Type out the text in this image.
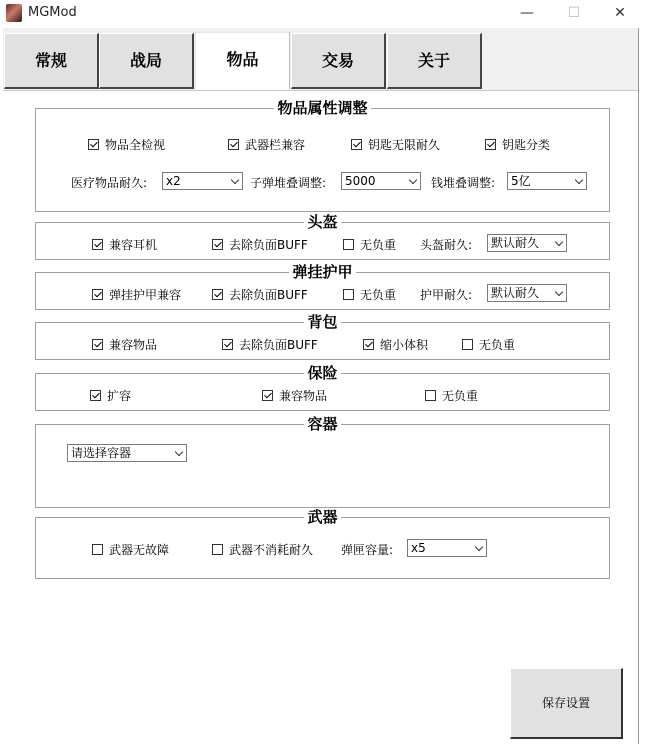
MGMod	—	☐	✕
常规	战局	物品	交易	关于
物品属性调整
物品全检视	武器栏兼容	钥匙无限耐久	钥匙分类
医疗物品耐久:	x2	子弹堆叠调整:	5000	钱堆叠调整:	5亿
头盔
兼容耳机	去除负面BUFF	无负重 头盔耐久:	默认耐久
弹挂护甲
弹挂护甲兼容	去除负面BUFF	无负重 护甲耐久:	默认耐久
背包
兼容物品	去除负面BUFF	缩小体积	无负重
保险
扩容	兼容物品	无负重
容器
请选择容器
武器
武器无故障	武器不消耗耐久 弹匣容量:	x5
保存设置
